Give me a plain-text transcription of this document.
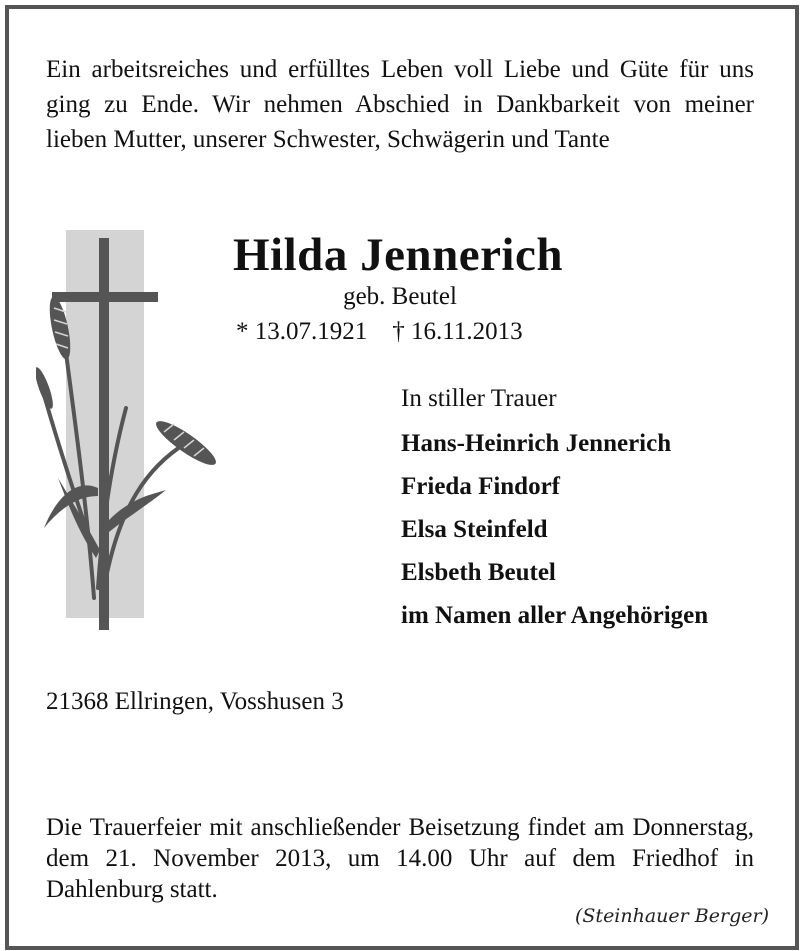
Ein arbeitsreiches und erfülltes Leben voll Liebe und Güte für uns ging zu Ende. Wir nehmen Abschied in Dankbarkeit von meiner lieben Mutter, unserer Schwester, Schwägerin und Tante

Hilda Jennerich
geb. Beutel
* 13.07.1921    † 16.11.2013
In stiller Trauer
Hans-Heinrich Jennerich
Frieda Findorf
Elsa Steinfeld
Elsbeth Beutel
im Namen aller Angehörigen
21368 Ellringen, Vosshusen 3

Die Trauerfeier mit anschließender Beisetzung findet am Donnerstag, dem 21. November 2013, um 14.00 Uhr auf dem Friedhof in Dahlenburg statt.

(Steinhauer Berger)
